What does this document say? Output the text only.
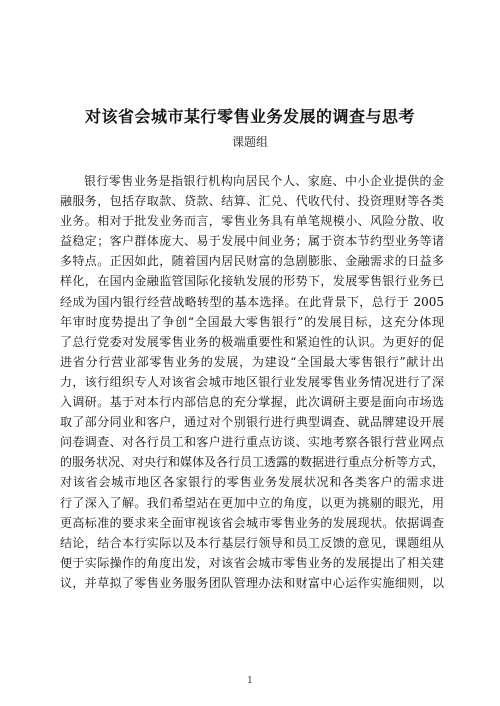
对该省会城市某行零售业务发展的调查与思考
课题组
银行零售业务是指银行机构向居民个人、家庭、中小企业提供的金
融服务，包括存取款、贷款、结算、汇兑、代收代付、投资理财等各类
业务。相对于批发业务而言，零售业务具有单笔规模小、风险分散、收
益稳定；客户群体庞大、易于发展中间业务；属于资本节约型业务等诸
多特点。正因如此，随着国内居民财富的急剧膨胀、金融需求的日益多
样化，在国内金融监管国际化接轨发展的形势下，发展零售银行业务已
经成为国内银行经营战略转型的基本选择。在此背景下，总行于 2005
年审时度势提出了争创“全国最大零售银行”的发展目标，这充分体现
了总行党委对发展零售业务的极端重要性和紧迫性的认识。为更好的促
进省分行营业部零售业务的发展，为建设“全国最大零售银行”献计出
力，该行组织专人对该省会城市地区银行业发展零售业务情况进行了深
入调研。基于对本行内部信息的充分掌握，此次调研主要是面向市场选
取了部分同业和客户，通过对个别银行进行典型调查、就品牌建设开展
问卷调查、对各行员工和客户进行重点访谈、实地考察各银行营业网点
的服务状况、对央行和媒体及各行员工透露的数据进行重点分析等方式，
对该省会城市地区各家银行的零售业务发展状况和各类客户的需求进
行了深入了解。我们希望站在更加中立的角度，以更为挑剔的眼光，用
更高标准的要求来全面审视该省会城市零售业务的发展现状。依据调查
结论，结合本行实际以及本行基层行领导和员工反馈的意见，课题组从
便于实际操作的角度出发，对该省会城市零售业务的发展提出了相关建
议，并草拟了零售业务服务团队管理办法和财富中心运作实施细则，以
1
